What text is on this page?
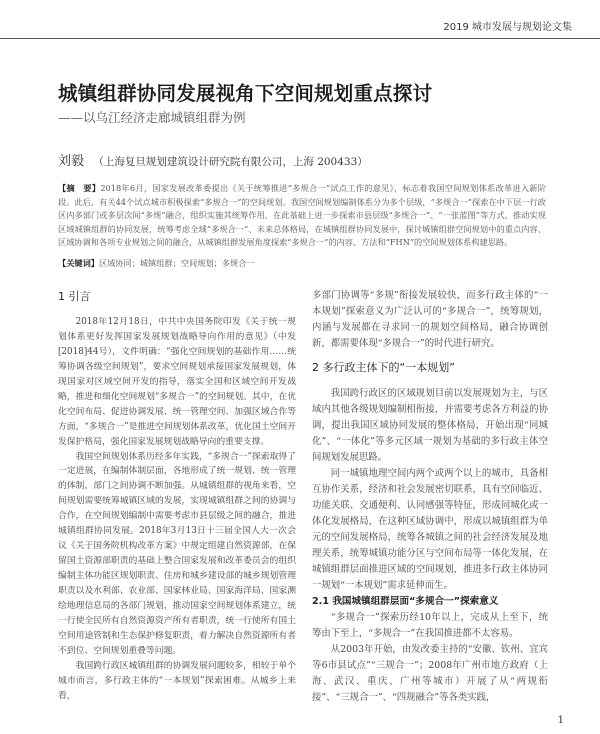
2019 城市发展与规划论文集
城镇组群协同发展视角下空间规划重点探讨
——以乌江经济走廊城镇组群为例
刘毅 （上海复旦规划建筑设计研究院有限公司，上海 200433）
【摘　要】2018年6月，国家发展改革委提出《关于统筹推进“多规合一”试点工作的意见》，标志着我国空间规划体系改革进入新阶段。此后，有关44个试点城市积极探索“多规合一”的空间规划。我国空间规划编制体系分为多个层级，“多规合一”探索在中下层一行政区内多部门或多层次间“多规”融合，组织实施其统筹作用，在此基础上进一步探索市县层级“多规合一”、“一张蓝图”等方式，推动实现区域城镇组群的协同发展，统筹考虑全域“多规合一”、未来总体格局，在城镇组群协同发展中，探讨城镇组群空间规划中的重点内容、区域协调和各项专业规划之间的融合，从城镇组群发展角度探索“多规合一”的内容、方法和“FHN”的空间规划体系构建思路。
【关键词】区域协同；城镇组群；空间规划；多规合一
1 引言

2018年12月18日，中共中央国务院印发《关于统一规划体系更好发挥国家发展规划战略导向作用的意见》（中发[2018]44号），文件明确：“强化空间规划的基础作用……统筹协调各级空间规划”，要求空间规划承接国家发展规划，体现国家对区域空间开发的指导，落实全国和区域空间开发战略，推进和细化空间规划“多规合一”的空间规划。其中，在优化空间布局、促进协调发展、统一管理空间、加强区域合作等方面，“多规合一”是推进空间规划体系改革，优化国土空间开发保护格局，强化国家发展规划战略导向的重要支撑。

我国空间规划体系历经多年实践，“多规合一”探索取得了一定进展，在编制体制层面，各地形成了统一规划、统一管理的体制，部门之间协调不断加强。从城镇组群的视角来看，空间规划需要统筹城镇区域的发展，实现城镇组群之间的协调与合作，在空间规划编制中需要考虑市县层级之间的融合，推进城镇组群协同发展。2018年3月13日十三届全国人大一次会议《关于国务院机构改革方案》中规定组建自然资源部，在保留国土资源部职责的基础上整合国家发展和改革委员会的组织编制主体功能区规划职责、住房和城乡建设部的城乡规划管理职责以及水利部、农业部、国家林业局、国家海洋局、国家测绘地理信息局的各部门规划，推动国家空间规划体系建立，统一行使全民所有自然资源资产所有者职责，统一行使所有国土空间用途管制和生态保护修复职责，着力解决自然资源所有者不到位、空间规划重叠等问题。

我国跨行政区城镇组群的协调发展问题较多，相较于单个城市而言，多行政主体的“一本规划”探索困难。从城乡上来看，

多部门协调等“多规”衔接发展较快，而多行政主体的“一本规划”探索意义为广泛认可的“多规合一”，统筹规划，内涵与发展都在寻求同一的规划空间格局，融合协调创新，都需要体现“多规合一”的时代进行研究。

2 多行政主体下的“一本规划”

我国跨行政区的区域规划目前以发展规划为主，与区域内其他各级规划编制相衔接，并需要考虑各方利益的协调，提出我国区域协同发展的整体格局，开始出现“同城化”、“一体化”等多元区域一规划为基础的多行政主体空间规划发展思路。

同一城镇地理空间内两个或两个以上的城市，具备相互协作关系，经济和社会发展密切联系，具有空间临近、功能关联、交通便利、认同感强等特征，形成同城化或一体化发展格局，在这种区域协调中，形成以城镇组群为单元的空间发展格局，统筹各城镇之间的社会经济发展及地理关系，统筹城镇功能分区与空间布局等一体化发展，在城镇组群层面推进区域的空间规划，推进多行政主体协同一规划“一本规划”需求延伸而生。

2.1 我国城镇组群层面“多规合一”探索意义

“多规合一”探索历经10年以上，完成从上至下，统筹由下至上，“多规合一”在我国推进都不太容易。

从2003年开始，由发改委主持的“安徽、钦州、宜宾等6市县试点”“三规合一”；2008年广州市地方政府（上海、武汉、重庆、广州等城市）开展了从“两规衔接”、“三规合一”、“四规融合”等各类实践，

1
